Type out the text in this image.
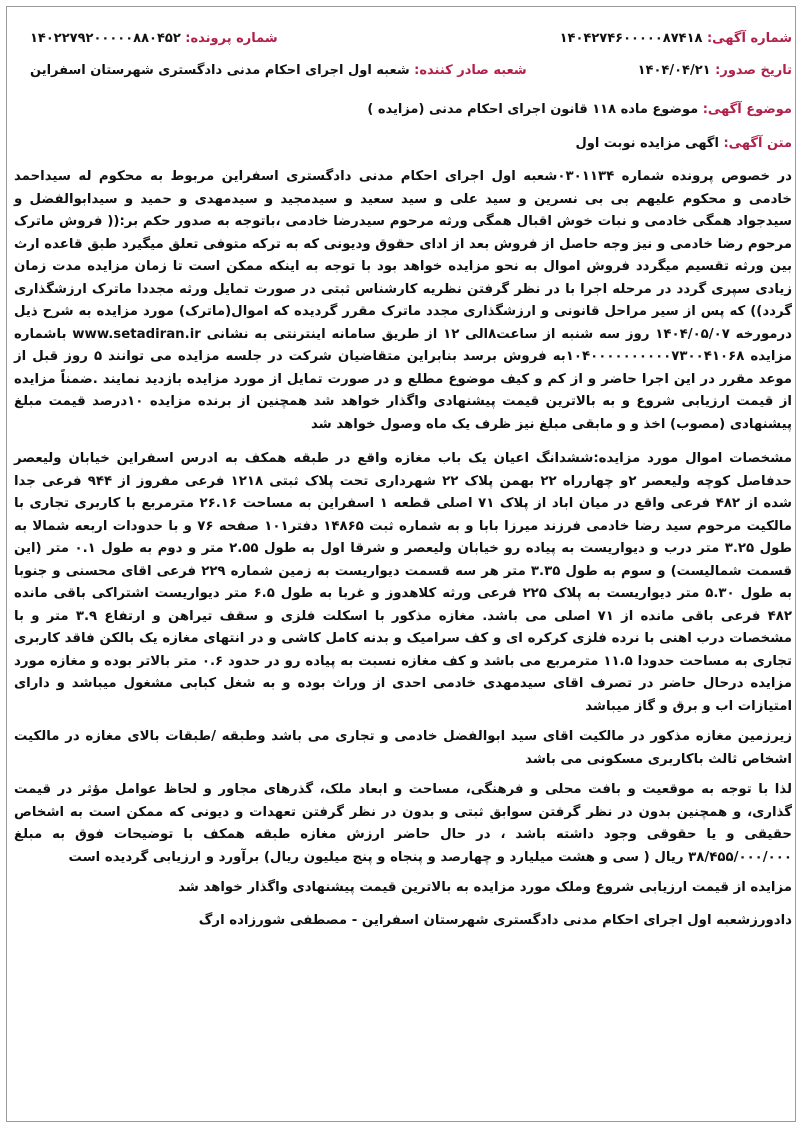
شماره آگهی: ۱۴۰۴۲۷۴۶۰۰۰۰۰۸۷۴۱۸
شماره پرونده: ۱۴۰۲۲۷۹۲۰۰۰۰۰۸۸۰۴۵۲
تاریخ صدور: ۱۴۰۴/۰۴/۲۱
شعبه صادر کننده: شعبه اول اجرای احکام مدنی دادگستری شهرستان اسفراین
موضوع آگهی: موضوع ماده ۱۱۸ قانون اجرای احکام مدنی (مزایده )
متن آگهی: اگهی مزایده نوبت اول

در خصوص پرونده شماره ۰۳۰۱۱۳۴شعبه اول اجرای احکام مدنی دادگستری اسفراین مربوط به محکوم له سیداحمد خادمی و محکوم علیهم بی بی نسرین و سید علی و سید سعید و سیدمجید و سیدمهدی و حمید و سیدابوالفضل و سیدجواد همگی خادمی و نبات خوش اقبال همگی ورثه مرحوم سیدرضا خادمی ،باتوجه به صدور حکم بر:(( فروش ماترک مرحوم رضا خادمی و نیز وجه حاصل از فروش بعد از ادای حقوق ودیونی که به ترکه متوفی تعلق میگیرد طبق قاعده ارث بین ورثه تقسیم میگردد فروش اموال به نحو مزایده خواهد بود با توجه به اینکه ممکن است تا زمان مزایده مدت زمان زیادی سپری گردد در مرحله اجرا با در نظر گرفتن نظریه کارشناس ثبتی در صورت تمایل ورثه مجددا ماترک ارزشگذاری گردد)) که پس از سیر مراحل قانونی و ارزشگذاری مجدد ماترک مقرر گردیده که اموال(ماترک) مورد مزایده به شرح ذیل درمورخه ۱۴۰۴/۰۵/۰۷ روز سه شنبه از ساعت۸الی ۱۲ از طریق سامانه اینترنتی به نشانی www.setadiran.ir باشماره مزایده ۱۰۴۰۰۰۰۰۰۰۰۰۰۷۳۰۰۴۱۰۶۸به فروش برسد بنابراین متقاضیان شرکت در جلسه مزایده می توانند ۵ روز قبل از موعد مقرر در این اجرا حاضر و از کم و کیف موضوع مطلع و در صورت تمایل از مورد مزایده بازدید نمایند .ضمناً مزایده از قیمت ارزیابی شروع و به بالاترین قیمت پیشنهادی واگذار خواهد شد همچنین از برنده مزایده ۱۰درصد قیمت مبلغ پیشنهادی (مصوب) اخذ و و مابقی مبلغ نیز ظرف یک ماه وصول خواهد شد

مشخصات اموال مورد مزایده:ششدانگ اعیان یک باب مغازه واقع در طبقه همکف به ادرس اسفراین خیابان ولیعصر حدفاصل کوچه ولیعصر ۲و چهارراه ۲۲ بهمن پلاک ۲۲ شهرداری تحت پلاک ثبتی ۱۲۱۸ فرعی مفروز از ۹۴۴ فرعی جدا شده از ۴۸۲ فرعی واقع در میان اباد از پلاک ۷۱ اصلی قطعه ۱ اسفراین به مساحت ۲۶.۱۶ مترمربع با کاربری تجاری با مالکیت مرحوم سید رضا خادمی فرزند میرزا بابا و به شماره ثبت ۱۴۸۶۵ دفتر۱۰۱ صفحه ۷۶ و با حدودات اربعه شمالا به طول ۳.۲۵ متر درب و دیواریست به پیاده رو خیابان ولیعصر و شرقا اول به طول ۲.۵۵ متر و دوم به طول ۰.۱ متر (این قسمت شمالیست) و سوم به طول ۳.۳۵ متر هر سه قسمت دیواریست به زمین شماره ۲۲۹ فرعی اقای محسنی و جنوبا به طول ۵.۳۰ متر دیواریست به پلاک ۲۲۵ فرعی ورثه کلاهدوز و غربا به طول ۶.۵ متر دیواریست اشتراکی باقی مانده ۴۸۲ فرعی باقی مانده از ۷۱ اصلی می باشد. مغازه مذکور با اسکلت فلزی و سقف تیراهن و ارتفاع ۳.۹ متر و با مشخصات درب اهنی با نرده فلزی کرکره ای و کف سرامیک و بدنه کامل کاشی و در انتهای مغازه یک بالکن فاقد کاربری تجاری به مساحت حدودا ۱۱.۵ مترمربع می باشد و کف مغازه نسبت به پیاده رو در حدود ۰.۶ متر بالاتر بوده و مغازه مورد مزایده درحال حاضر در تصرف اقای سیدمهدی خادمی احدی از وراث بوده و به شغل کبابی مشغول میباشد و دارای امتیازات اب و برق و گاز میباشد

زیرزمین مغازه مذکور در مالکیت اقای سید ابوالفضل خادمی و تجاری می باشد وطبقه /طبقات بالای مغازه در مالکیت اشخاص ثالث باکاربری مسکونی می باشد

لذا با توجه به موقعیت و بافت محلی و فرهنگی، مساحت و ابعاد ملک، گذرهای مجاور و لحاظ عوامل مؤثر در قیمت گذاری، و همچنین بدون در نظر گرفتن سوابق ثبتی و بدون در نظر گرفتن تعهدات و دیونی که ممکن است به اشخاص حقیقی و یا حقوقی وجود داشته باشد ، در حال حاضر ارزش مغازه طبقه همکف با توضیحات فوق به مبلغ ۳۸/۴۵۵/۰۰۰/۰۰۰ ریال ( سی و هشت میلیارد و چهارصد و پنجاه و پنج میلیون ریال) برآورد و ارزیابی گردیده است

مزایده از قیمت ارزیابی شروع وملک مورد مزایده به بالاترین قیمت پیشنهادی واگذار خواهد شد

دادورزشعبه اول اجرای احکام مدنی دادگستری شهرستان اسفراین - مصطفی شورزاده ارگ
